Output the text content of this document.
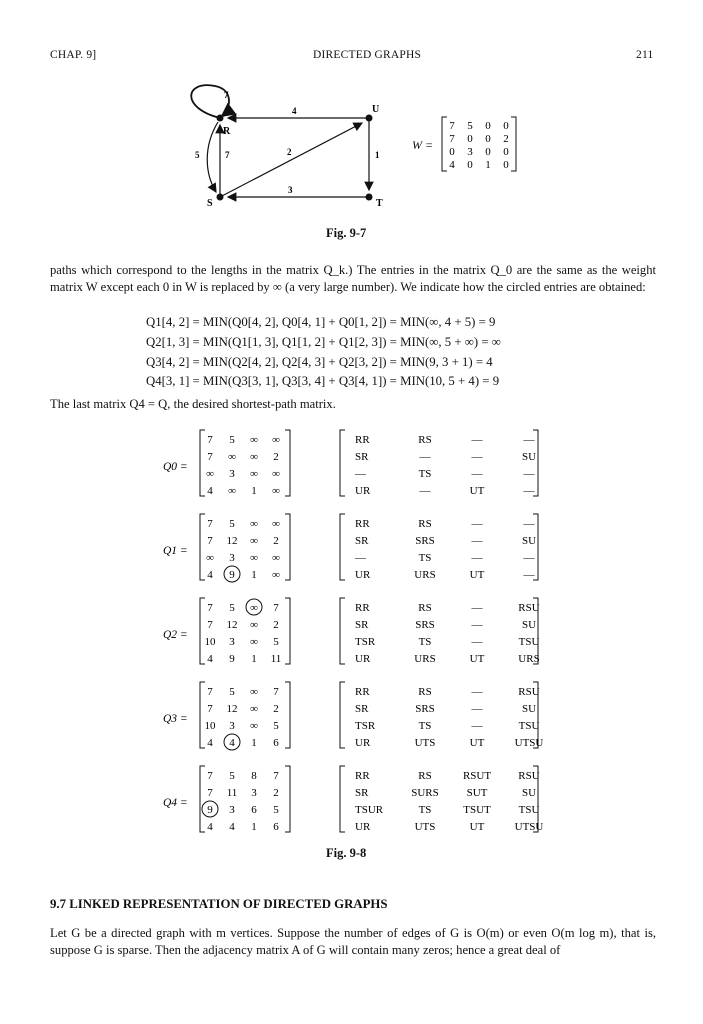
CHAP. 9]	DIRECTED GRAPHS	211
R
U
S	T
7
4
2	1
3
5	7
W =
7 5 0 0
7 0 0 2
0 3 0 0
4 0 1 0
Fig. 9-7
paths which correspond to the lengths in the matrix Q_k.) The entries in the matrix Q_0 are the same as the weight matrix W except each 0 in W is replaced by ∞ (a very large number). We indicate how the circled entries are obtained:
Q1[4, 2] = MIN(Q0[4, 2], Q0[4, 1] + Q0[1, 2]) = MIN(∞, 4 + 5) = 9
Q2[1, 3] = MIN(Q1[1, 3], Q1[1, 2] + Q1[2, 3]) = MIN(∞, 5 + ∞) = ∞
Q3[4, 2] = MIN(Q2[4, 2], Q2[4, 3] + Q2[3, 2]) = MIN(9, 3 + 1) = 4
Q4[3, 1] = MIN(Q3[3, 1], Q3[3, 4] + Q3[4, 1]) = MIN(10, 5 + 4) = 9
The last matrix Q4 = Q, the desired shortest-path matrix.
Q0 =
7 5 ∞ ∞
7 ∞ ∞ 2
∞ 3 ∞ ∞
4 ∞ 1 ∞
RR	RS	—	—
SR	—	—	SU
—	TS	—	—
UR	—	UT	—
Q1 =
7 5 ∞ ∞
7 12 ∞ 2
∞ 3 ∞ ∞
4 9 1 ∞
RR	RS	—	—
SR	SRS	—	SU
—	TS	—	—
UR	URS	UT	—
Q2 =
7 5 ∞ 7
7 12 ∞ 2
10 3 ∞ 5
4 9 1 11
RR	RS	—	RSU
SR	SRS	—	SU
TSR	TS	—	TSU
UR	URS	UT	URS
Q3 =
7 5 ∞ 7
7 12 ∞ 2
10 3 ∞ 5
4 4 1 6
RR	RS	—	RSU
SR	SRS	—	SU
TSR	TS	—	TSU
UR	UTS	UT	UTSU
Q4 =
7 5 8 7
7 11 3 2
9 3 6 5
4 4 1 6
RR	RS	RSUT RSU
SR	SURS	SUT	SU
TSUR	TS	TSUT	TSU
UR	UTS	UT	UTSU
Fig. 9-8
9.7 LINKED REPRESENTATION OF DIRECTED GRAPHS
Let G be a directed graph with m vertices. Suppose the number of edges of G is O(m) or even O(m log m), that is, suppose G is sparse. Then the adjacency matrix A of G will contain many zeros; hence a great deal of
